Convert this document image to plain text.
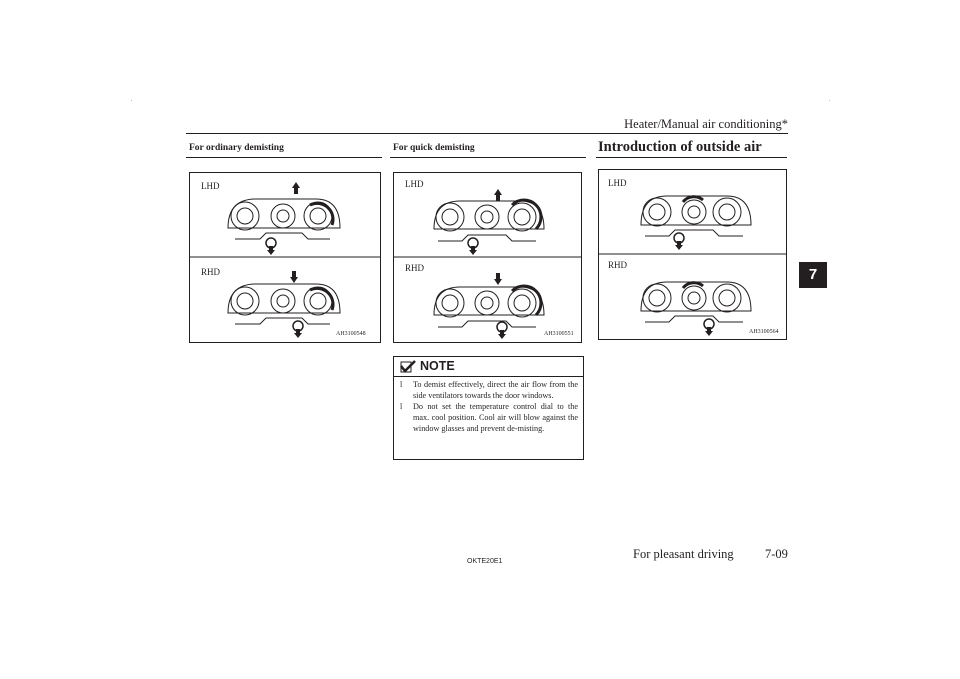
Heater/Manual air conditioning*
For ordinary demisting
LHD
RHD
AH3100548
For quick demisting
LHD
RHD
AH3100551
NOTE
l To demist effectively, direct the air flow from the side ventilators towards the door windows.
l Do not set the temperature control dial to the max. cool position. Cool air will blow against the window glasses and prevent de-misting.
Introduction of outside air
LHD
RHD
AH3100564
7
OKTE20E1
For pleasant driving	7-09
